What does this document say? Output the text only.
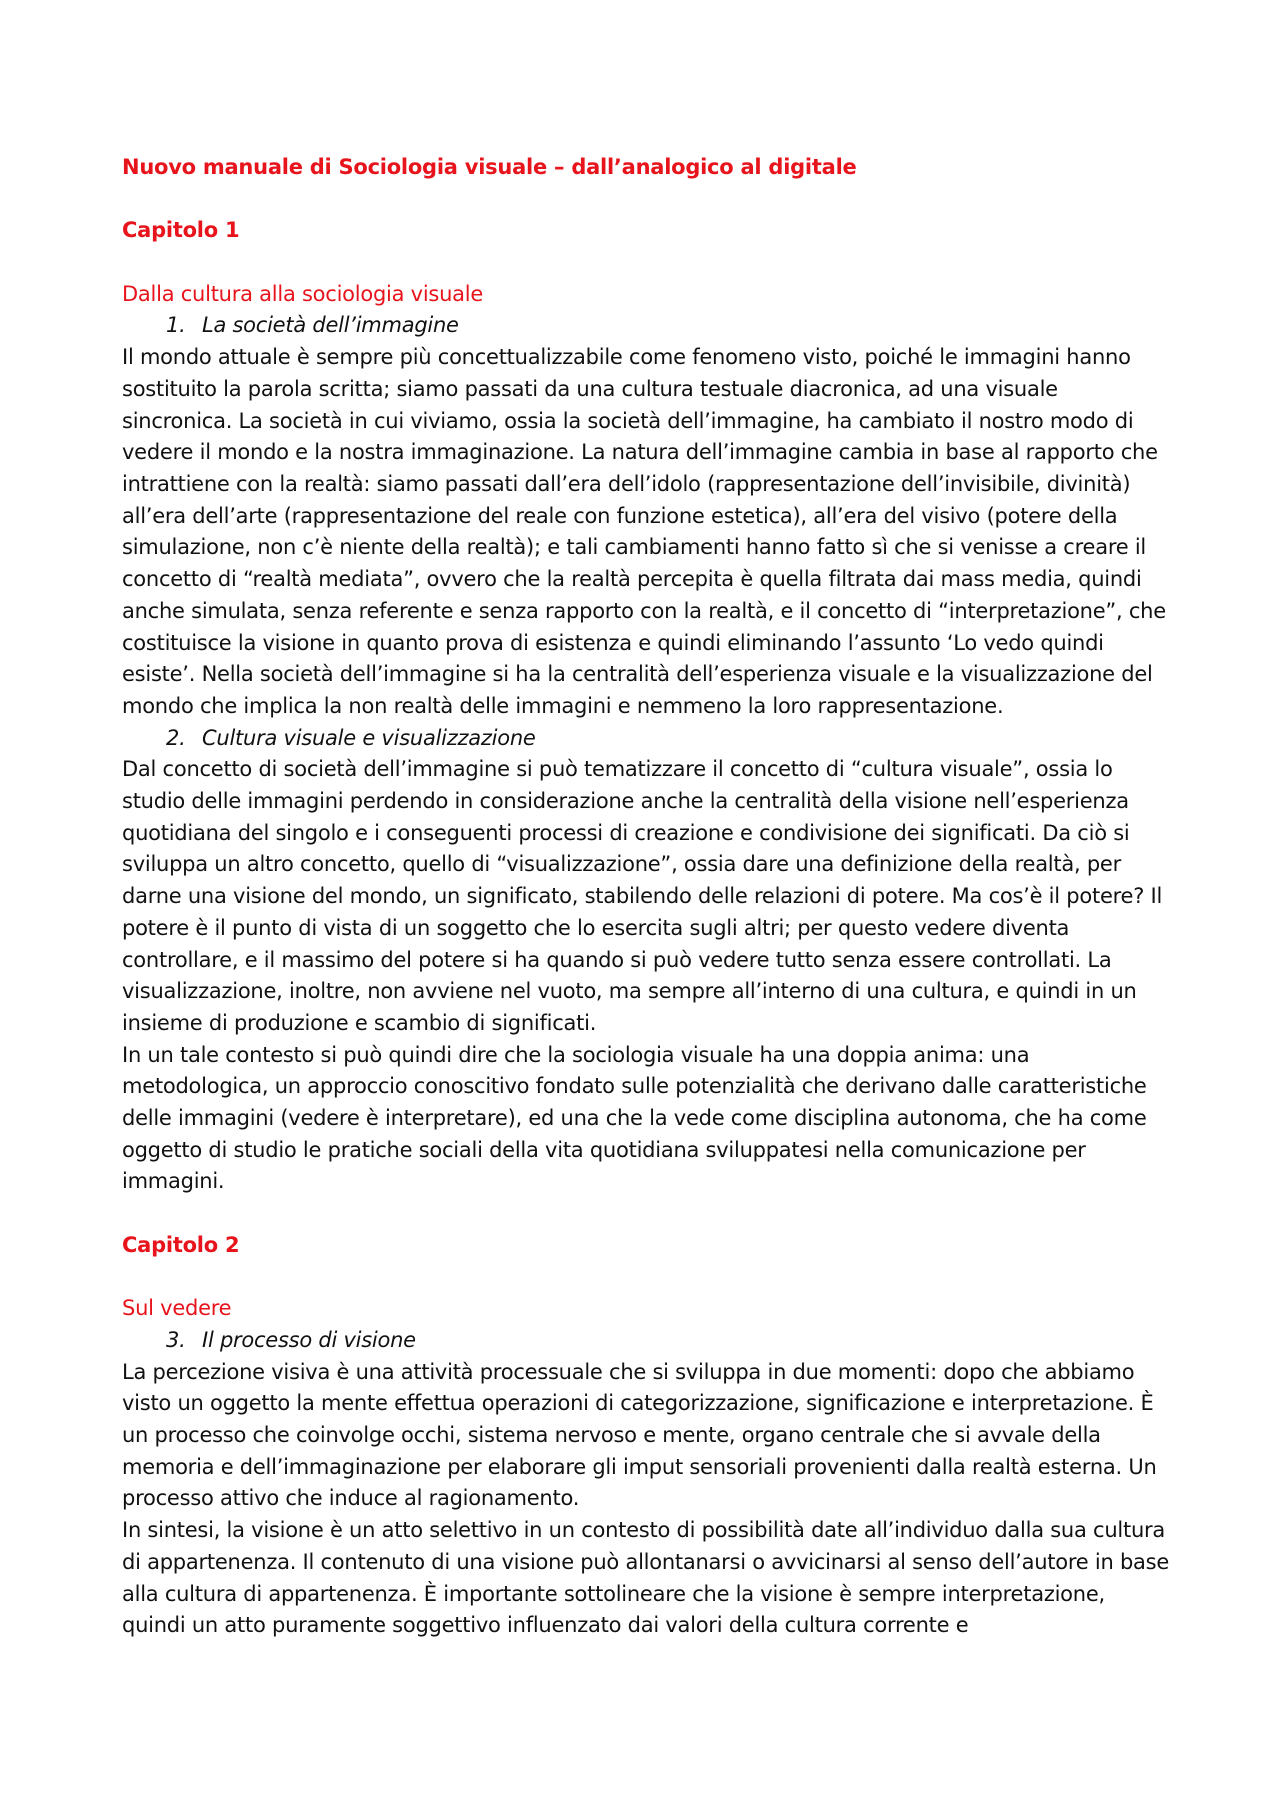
Nuovo manuale di Sociologia visuale – dall’analogico al digitale

Capitolo 1

Dalla cultura alla sociologia visuale

1. La società dell’immagine

Il mondo attuale è sempre più concettualizzabile come fenomeno visto, poiché le immagini hanno sostituito la parola scritta; siamo passati da una cultura testuale diacronica, ad una visuale sincronica. La società in cui viviamo, ossia la società dell’immagine, ha cambiato il nostro modo di vedere il mondo e la nostra immaginazione. La natura dell’immagine cambia in base al rapporto che intrattiene con la realtà: siamo passati dall’era dell’idolo (rappresentazione dell’invisibile, divinità) all’era dell’arte (rappresentazione del reale con funzione estetica), all’era del visivo (potere della simulazione, non c’è niente della realtà); e tali cambiamenti hanno fatto sì che si venisse a creare il concetto di “realtà mediata”, ovvero che la realtà percepita è quella filtrata dai mass media, quindi anche simulata, senza referente e senza rapporto con la realtà, e il concetto di “interpretazione”, che costituisce la visione in quanto prova di esistenza e quindi eliminando l’assunto ‘Lo vedo quindi esiste’. Nella società dell’immagine si ha la centralità dell’esperienza visuale e la visualizzazione del mondo che implica la non realtà delle immagini e nemmeno la loro rappresentazione.

2. Cultura visuale e visualizzazione

Dal concetto di società dell’immagine si può tematizzare il concetto di “cultura visuale”, ossia lo studio delle immagini perdendo in considerazione anche la centralità della visione nell’esperienza quotidiana del singolo e i conseguenti processi di creazione e condivisione dei significati. Da ciò si sviluppa un altro concetto, quello di “visualizzazione”, ossia dare una definizione della realtà, per darne una visione del mondo, un significato, stabilendo delle relazioni di potere. Ma cos’è il potere? Il potere è il punto di vista di un soggetto che lo esercita sugli altri; per questo vedere diventa controllare, e il massimo del potere si ha quando si può vedere tutto senza essere controllati. La visualizzazione, inoltre, non avviene nel vuoto, ma sempre all’interno di una cultura, e quindi in un insieme di produzione e scambio di significati.

In un tale contesto si può quindi dire che la sociologia visuale ha una doppia anima: una metodologica, un approccio conoscitivo fondato sulle potenzialità che derivano dalle caratteristiche delle immagini (vedere è interpretare), ed una che la vede come disciplina autonoma, che ha come oggetto di studio le pratiche sociali della vita quotidiana sviluppatesi nella comunicazione per immagini.

Capitolo 2

Sul vedere

3. Il processo di visione

La percezione visiva è una attività processuale che si sviluppa in due momenti: dopo che abbiamo visto un oggetto la mente effettua operazioni di categorizzazione, significazione e interpretazione. È un processo che coinvolge occhi, sistema nervoso e mente, organo centrale che si avvale della memoria e dell’immaginazione per elaborare gli imput sensoriali provenienti dalla realtà esterna. Un processo attivo che induce al ragionamento.

In sintesi, la visione è un atto selettivo in un contesto di possibilità date all’individuo dalla sua cultura di appartenenza. Il contenuto di una visione può allontanarsi o avvicinarsi al senso dell’autore in base alla cultura di appartenenza. È importante sottolineare che la visione è sempre interpretazione, quindi un atto puramente soggettivo influenzato dai valori della cultura corrente e
